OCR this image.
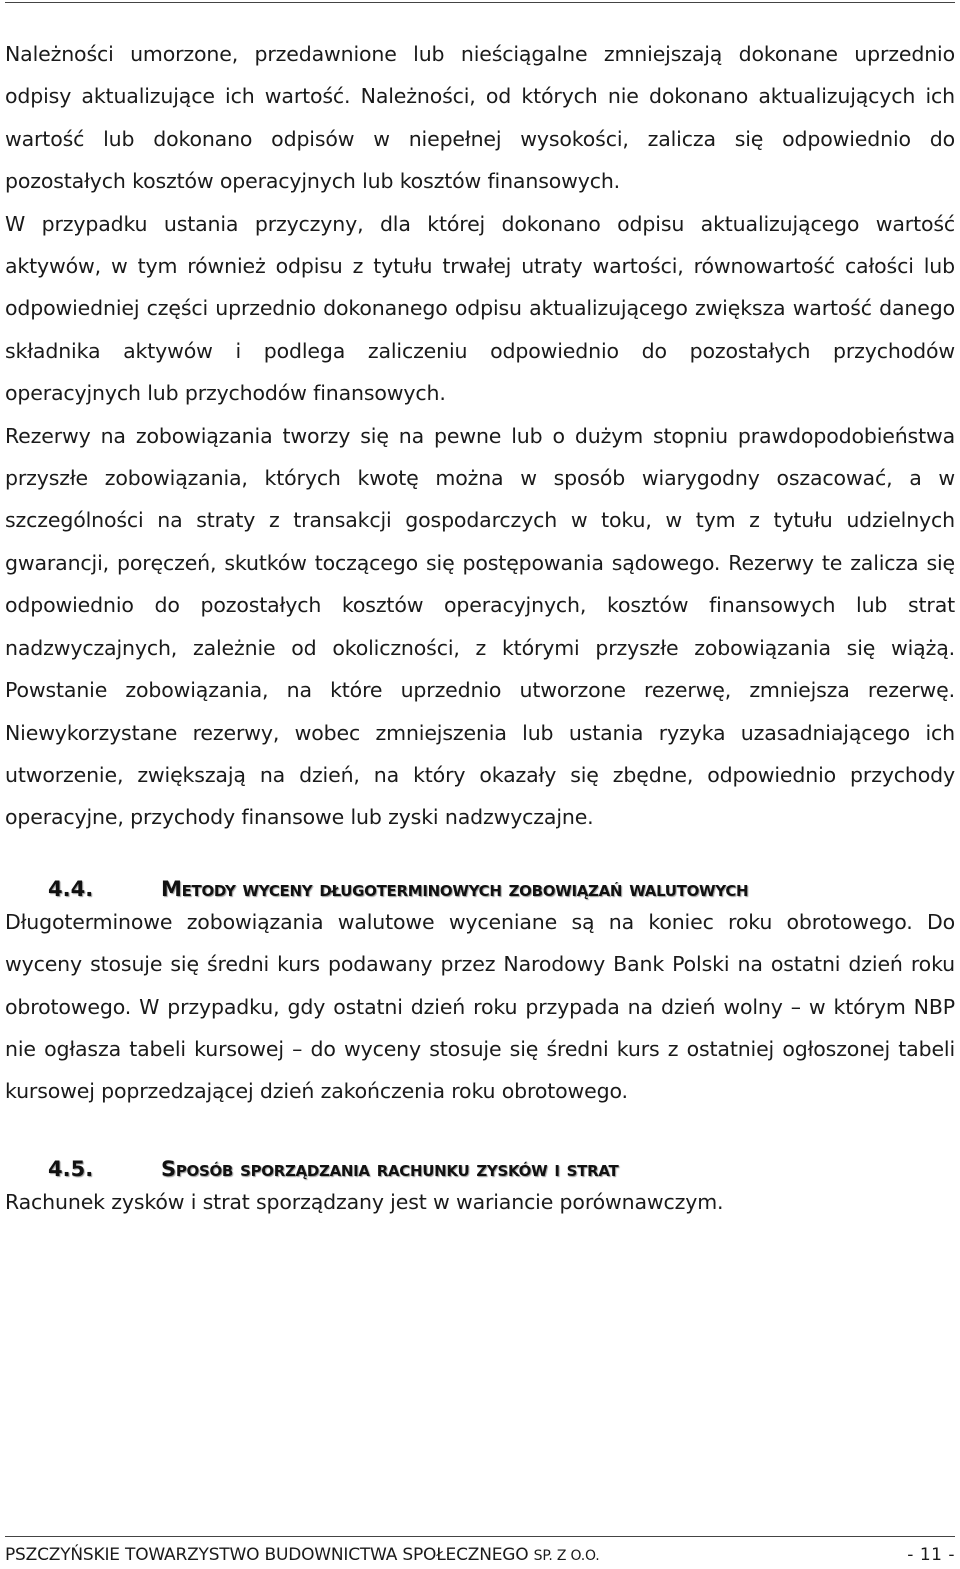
Należności umorzone, przedawnione lub nieściągalne zmniejszają dokonane uprzednio odpisy aktualizujące ich wartość. Należności, od których nie dokonano aktualizujących ich wartość lub dokonano odpisów w niepełnej wysokości, zalicza się odpowiednio do pozostałych kosztów operacyjnych lub kosztów finansowych.

W przypadku ustania przyczyny, dla której dokonano odpisu aktualizującego wartość aktywów, w tym również odpisu z tytułu trwałej utraty wartości, równowartość całości lub odpowiedniej części uprzednio dokonanego odpisu aktualizującego zwiększa wartość danego składnika aktywów i podlega zaliczeniu odpowiednio do pozostałych przychodów operacyjnych lub przychodów finansowych.

Rezerwy na zobowiązania tworzy się na pewne lub o dużym stopniu prawdopodobieństwa przyszłe zobowiązania, których kwotę można w sposób wiarygodny oszacować, a w szczególności na straty z transakcji gospodarczych w toku, w tym z tytułu udzielnych gwarancji, poręczeń, skutków toczącego się postępowania sądowego. Rezerwy te zalicza się odpowiednio do pozostałych kosztów operacyjnych, kosztów finansowych lub strat nadzwyczajnych, zależnie od okoliczności, z którymi przyszłe zobowiązania się wiążą. Powstanie zobowiązania, na które uprzednio utworzone rezerwę, zmniejsza rezerwę. Niewykorzystane rezerwy, wobec zmniejszenia lub ustania ryzyka uzasadniającego ich utworzenie, zwiększają na dzień, na który okazały się zbędne, odpowiednio przychody operacyjne, przychody finansowe lub zyski nadzwyczajne.

4.4.	Metody wyceny długoterminowych zobowiązań walutowych

Długoterminowe zobowiązania walutowe wyceniane są na koniec roku obrotowego. Do wyceny stosuje się średni kurs podawany przez Narodowy Bank Polski na ostatni dzień roku obrotowego. W przypadku, gdy ostatni dzień roku przypada na dzień wolny – w którym NBP nie ogłasza tabeli kursowej – do wyceny stosuje się średni kurs z ostatniej ogłoszonej tabeli kursowej poprzedzającej dzień zakończenia roku obrotowego.

4.5.	Sposób sporządzania rachunku zysków i strat

Rachunek zysków i strat sporządzany jest w wariancie porównawczym.

PSZCZYŃSKIE TOWARZYSTWO BUDOWNICTWA SPOŁECZNEGO SP. Z O.O.	- 11 -
